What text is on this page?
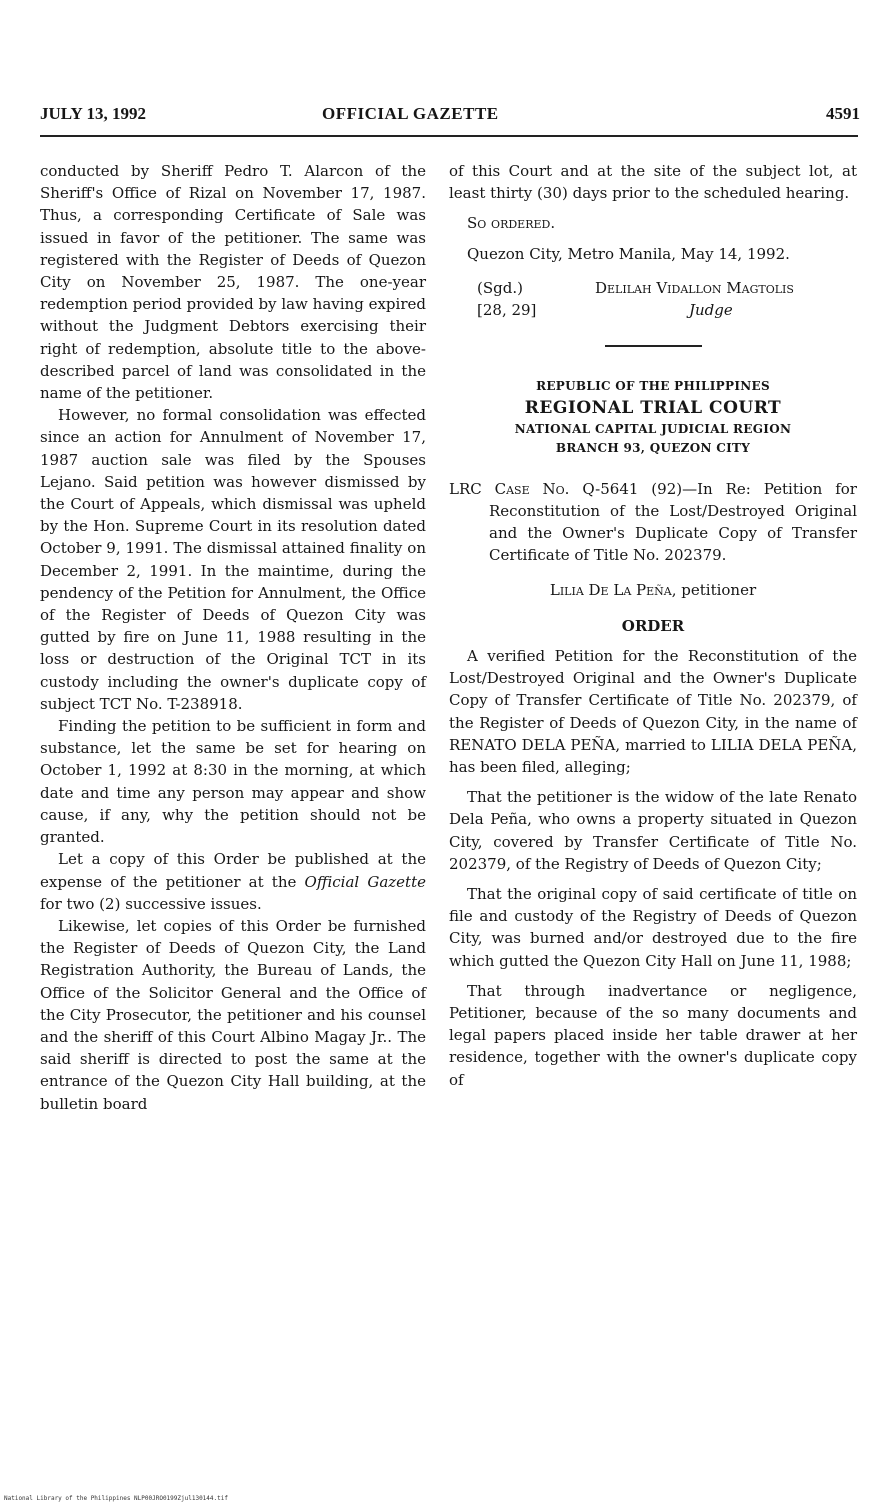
JULY 13, 1992	OFFICIAL GAZETTE	4591

conducted by Sheriff Pedro T. Alarcon of the Sheriff's Office of Rizal on November 17, 1987. Thus, a corresponding Certificate of Sale was issued in favor of the petitioner. The same was registered with the Register of Deeds of Quezon City on November 25, 1987. The one-year redemption period provided by law having expired without the Judgment Debtors exercising their right of redemption, absolute title to the above-described parcel of land was consolidated in the name of the petitioner.

However, no formal consolidation was effected since an action for Annulment of November 17, 1987 auction sale was filed by the Spouses Lejano. Said petition was however dismissed by the Court of Appeals, which dismissal was upheld by the Hon. Supreme Court in its resolution dated October 9, 1991. The dismissal attained finality on December 2, 1991. In the maintime, during the pendency of the Petition for Annulment, the Office of the Register of Deeds of Quezon City was gutted by fire on June 11, 1988 resulting in the loss or destruction of the Original TCT in its custody including the owner's duplicate copy of subject TCT No. T-238918.

Finding the petition to be sufficient in form and substance, let the same be set for hearing on October 1, 1992 at 8:30 in the morning, at which date and time any person may appear and show cause, if any, why the petition should not be granted.

Let a copy of this Order be published at the expense of the petitioner at the Official Gazette for two (2) successive issues.

Likewise, let copies of this Order be furnished the Register of Deeds of Quezon City, the Land Registration Authority, the Bureau of Lands, the Office of the Solicitor General and the Office of the City Prosecutor, the petitioner and his counsel and the sheriff of this Court Albino Magay Jr.. The said sheriff is directed to post the same at the entrance of the Quezon City Hall building, at the bulletin board

of this Court and at the site of the subject lot, at least thirty (30) days prior to the scheduled hearing.

So ordered.

Quezon City, Metro Manila, May 14, 1992.

(Sgd.)	Delilah Vidallon Magtolis
[28, 29]	Judge
REPUBLIC OF THE PHILIPPINES
REGIONAL TRIAL COURT
NATIONAL CAPITAL JUDICIAL REGION
BRANCH 93, QUEZON CITY

LRC Case No. Q-5641 (92)—In Re: Petition for Reconstitution of the Lost/Destroyed Original and the Owner's Duplicate Copy of Transfer Certificate of Title No. 202379.

Lilia De La Peña, petitioner

ORDER

A verified Petition for the Reconstitution of the Lost/Destroyed Original and the Owner's Duplicate Copy of Transfer Certificate of Title No. 202379, of the Register of Deeds of Quezon City, in the name of RENATO DELA PEÑA, married to LILIA DELA PEÑA, has been filed, alleging;

That the petitioner is the widow of the late Renato Dela Peña, who owns a property situated in Quezon City, covered by Transfer Certificate of Title No. 202379, of the Registry of Deeds of Quezon City;

That the original copy of said certificate of title on file and custody of the Registry of Deeds of Quezon City, was burned and/or destroyed due to the fire which gutted the Quezon City Hall on June 11, 1988;

That through inadvertance or negligence, Petitioner, because of the so many documents and legal papers placed inside her table drawer at her residence, together with the owner's duplicate copy of

National Library of the Philippines NLP00JRO0199Zjul130144.tif
